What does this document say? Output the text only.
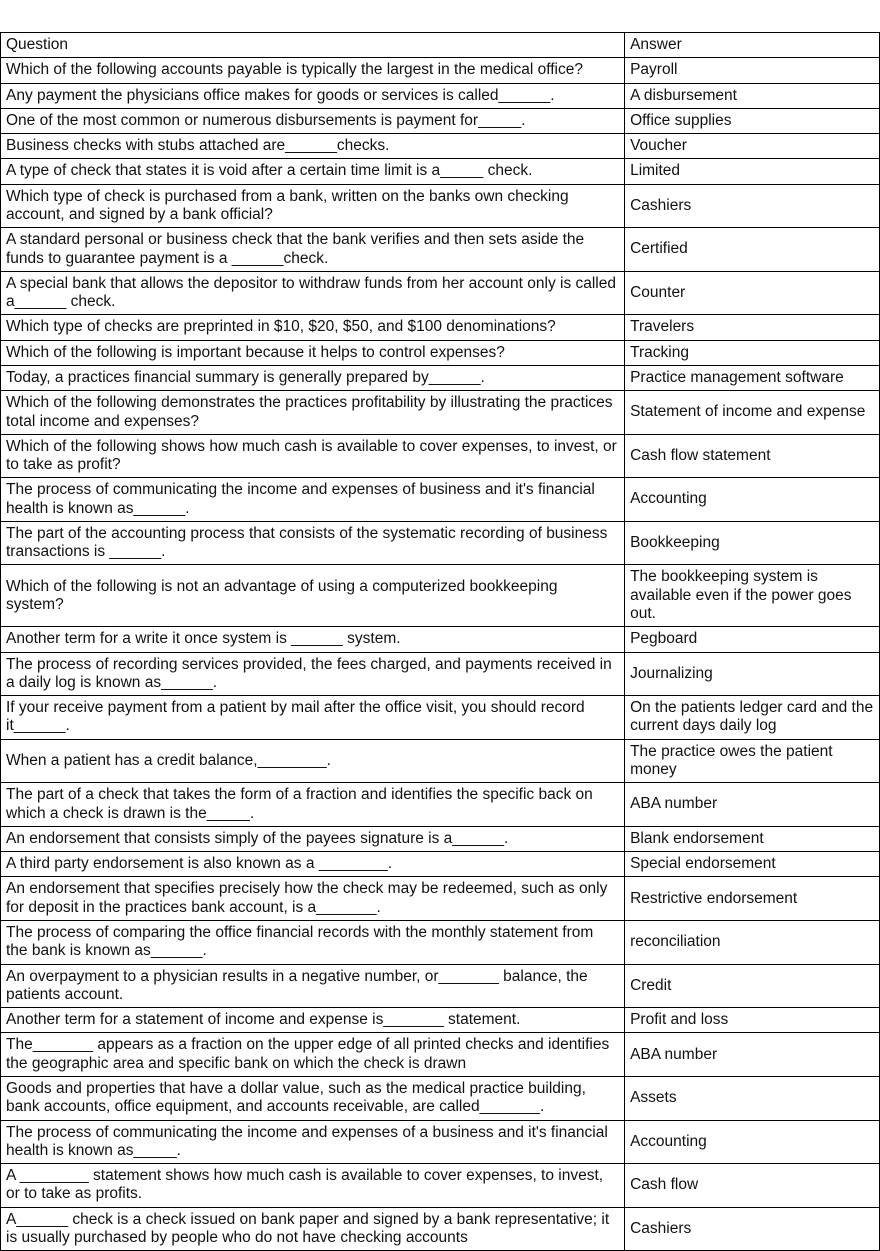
Question	Answer
Which of the following accounts payable is typically the largest in the medical office?	Payroll
Any payment the physicians office makes for goods or services is called______.	A disbursement
One of the most common or numerous disbursements is payment for_____.	Office supplies
Business checks with stubs attached are______checks.	Voucher
A type of check that states it is void after a certain time limit is a_____ check.	Limited
Which type of check is purchased from a bank, written on the banks own checking account, and signed by a bank official?	Cashiers
A standard personal or business check that the bank verifies and then sets aside the funds to guarantee payment is a ______check.	Certified
A special bank that allows the depositor to withdraw funds from her account only is called a______ check.	Counter
Which type of checks are preprinted in $10, $20, $50, and $100 denominations?	Travelers
Which of the following is important because it helps to control expenses?	Tracking
Today, a practices financial summary is generally prepared by______.	Practice management software
Which of the following demonstrates the practices profitability by illustrating the practices total income and expenses?	Statement of income and expense
Which of the following shows how much cash is available to cover expenses, to invest, or to take as profit?	Cash flow statement
The process of communicating the income and expenses of business and it's financial health is known as______.	Accounting
The part of the accounting process that consists of the systematic recording of business transactions is ______.	Bookkeeping
Which of the following is not an advantage of using a computerized bookkeeping system?	The bookkeeping system is available even if the power goes out.
Another term for a write it once system is ______ system.	Pegboard
The process of recording services provided, the fees charged, and payments received in a daily log is known as______.	Journalizing
If your receive payment from a patient by mail after the office visit, you should record it______.	On the patients ledger card and the current days daily log
When a patient has a credit balance,________.	The practice owes the patient money
The part of a check that takes the form of a fraction and identifies the specific back on which a check is drawn is the_____.	ABA number
An endorsement that consists simply of the payees signature is a______.	Blank endorsement
A third party endorsement is also known as a ________.	Special endorsement
An endorsement that specifies precisely how the check may be redeemed, such as only for deposit in the practices bank account, is a_______.	Restrictive endorsement
The process of comparing the office financial records with the monthly statement from the bank is known as______.	reconciliation
An overpayment to a physician results in a negative number, or_______ balance, the patients account.	Credit
Another term for a statement of income and expense is_______ statement.	Profit and loss
The_______ appears as a fraction on the upper edge of all printed checks and identifies the geographic area and specific bank on which the check is drawn	ABA number
Goods and properties that have a dollar value, such as the medical practice building, bank accounts, office equipment, and accounts receivable, are called_______.	Assets
The process of communicating the income and expenses of a business and it's financial health is known as_____.	Accounting
A ________ statement shows how much cash is available to cover expenses, to invest, or to take as profits.	Cash flow
A______ check is a check issued on bank paper and signed by a bank representative; it is usually purchased by people who do not have checking accounts	Cashiers
